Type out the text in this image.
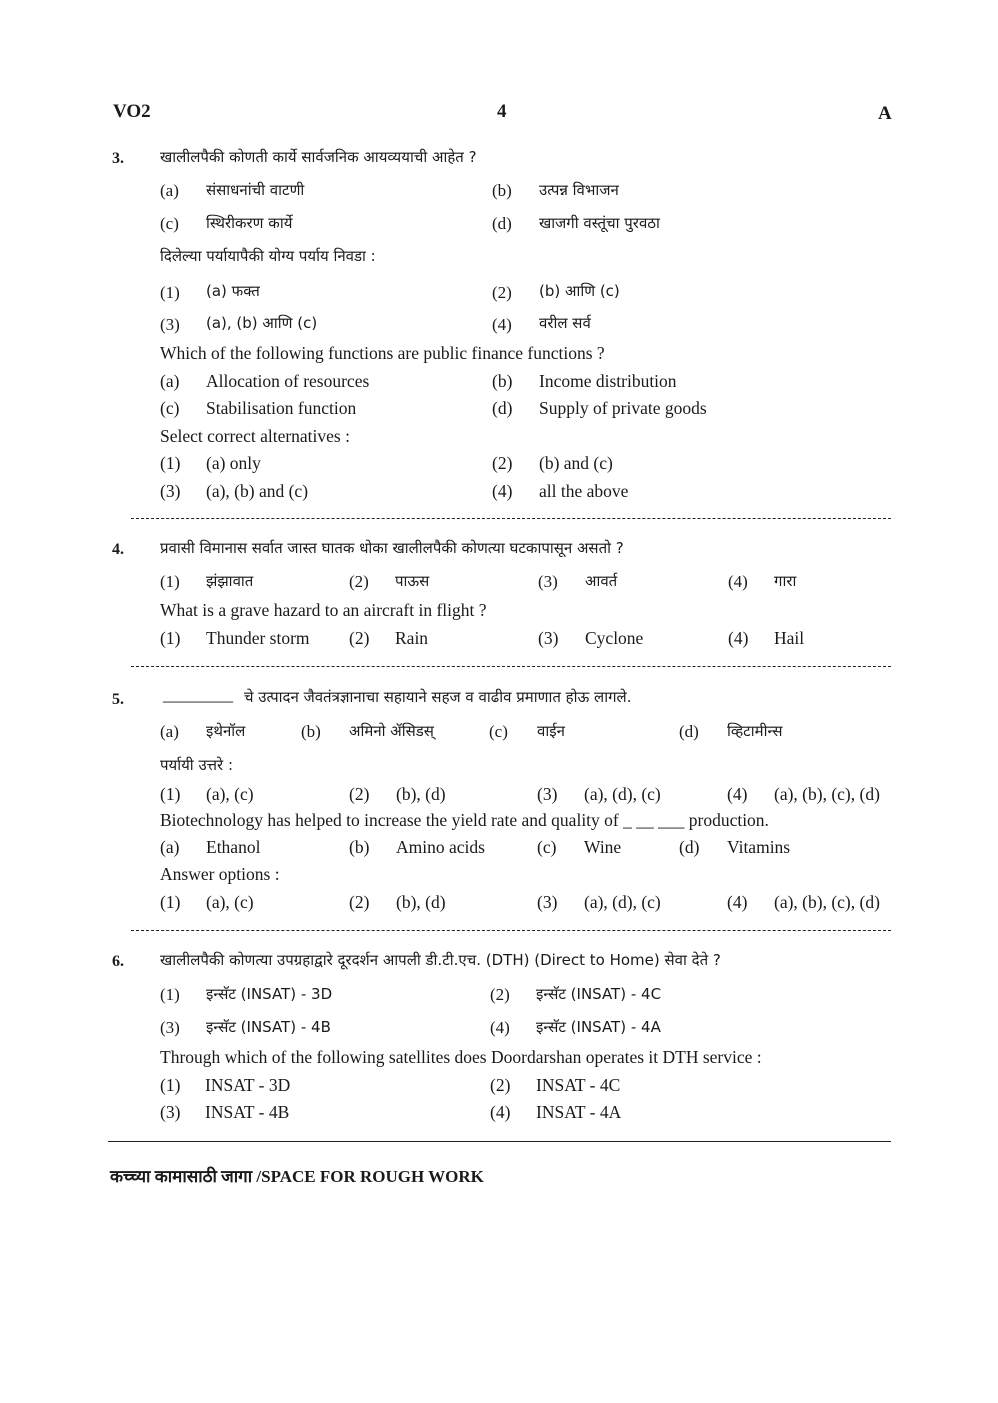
VO2	4	A
3. खालीलपैकी कोणती कार्ये सार्वजनिक आयव्ययाची आहेत ?
(a) संसाधनांची वाटणी	(b) उत्पन्न विभाजन
(c) स्थिरीकरण कार्ये	(d) खाजगी वस्तूंचा पुरवठा
दिलेल्या पर्यायापैकी योग्य पर्याय निवडा :
(1) (a) फक्त	(2) (b) आणि (c)
(3) (a), (b) आणि (c)	(4) वरील सर्व
Which of the following functions are public finance functions ?
(a) Allocation of resources	(b) Income distribution
(c) Stabilisation function	(d) Supply of private goods
Select correct alternatives :
(1) (a) only	(2) (b) and (c)
(3) (a), (b) and (c)	(4) all the above
4. प्रवासी विमानास सर्वात जास्त घातक धोका खालीलपैकी कोणत्या घटकापासून असतो ?
(1) झंझावात	(2) पाऊस	(3) आवर्त	(4) गारा
What is a grave hazard to an aircraft in flight ?
(1) Thunder storm (2) Rain	(3) Cyclone	(4) Hail
5. ________ चे उत्पादन जैवतंत्रज्ञानाचा सहायाने सहज व वाढीव प्रमाणात होऊ लागले.
(a) इथेनॉल	(b) अमिनो ॲसिडस्	(c) वाईन	(d) व्हिटामीन्स
पर्यायी उत्तरे :
(1) (a), (c)	(2) (b), (d)	(3) (a), (d), (c)	(4) (a), (b), (c), (d)
Biotechnology has helped to increase the yield rate and quality of _ __ ___ production.
(a) Ethanol	(b) Amino acids	(c) Wine	(d) Vitamins
Answer options :
(1) (a), (c)	(2) (b), (d)	(3) (a), (d), (c)	(4) (a), (b), (c), (d)
6. खालीलपैकी कोणत्या उपग्रहाद्वारे दूरदर्शन आपली डी.टी.एच. (DTH) (Direct to Home) सेवा देते ?
(1) इन्सॅट (INSAT) - 3D	(2) इन्सॅट (INSAT) - 4C
(3) इन्सॅट (INSAT) - 4B	(4) इन्सॅट (INSAT) - 4A
Through which of the following satellites does Doordarshan operates it DTH service :
(1) INSAT - 3D	(2) INSAT - 4C
(3) INSAT - 4B	(4) INSAT - 4A
कच्च्या कामासाठी जागा /SPACE FOR ROUGH WORK
